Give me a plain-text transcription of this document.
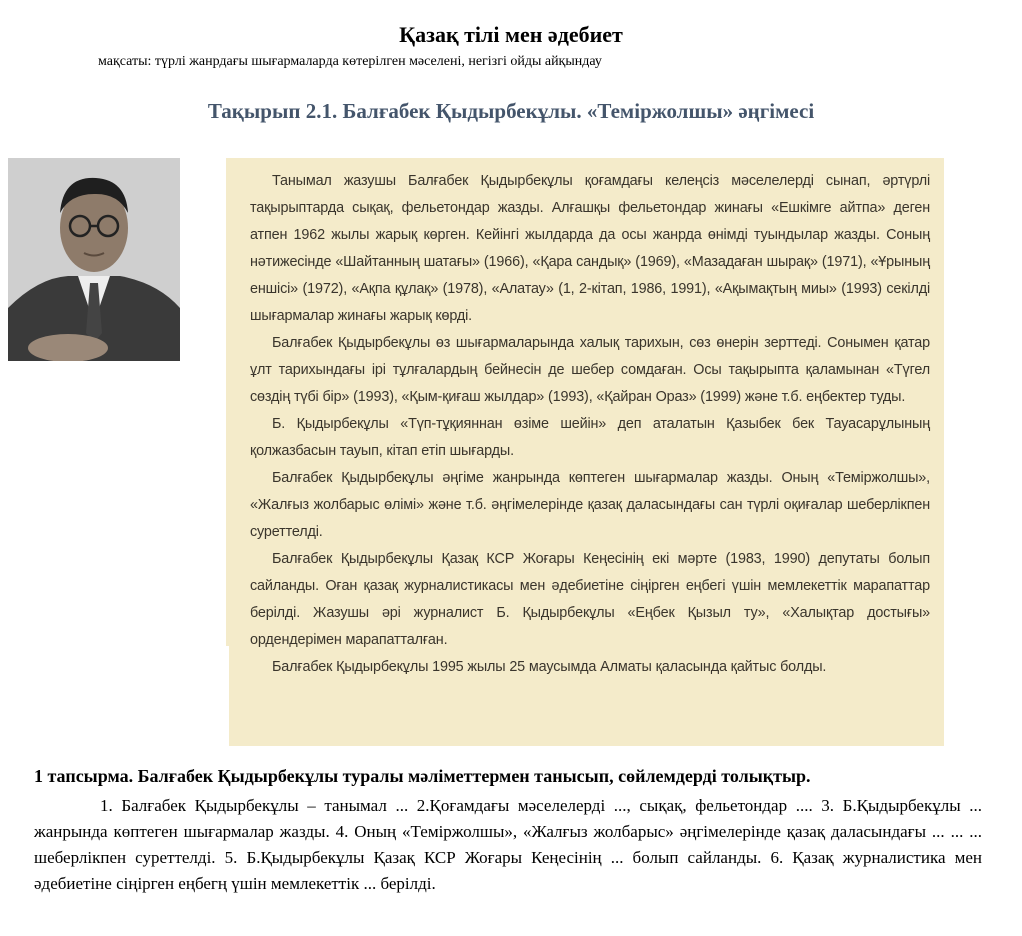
Қазақ тілі мен әдебиет
мақсаты: түрлі жанрдағы шығармаларда көтерілген мәселені, негізгі ойды айқындау
Тақырып 2.1. Балғабек Қыдырбекұлы. «Теміржолшы» әңгімесі

Танымал жазушы Балғабек Қыдырбекұлы қоғамдағы келеңсіз мәселелерді сынап, әртүрлі тақырыптарда сықақ, фельетондар жазды. Алғашқы фельетондар жинағы «Ешкімге айтпа» деген атпен 1962 жылы жарық көрген. Кейінгі жылдарда да осы жанрда өнімді туындылар жазды. Соның нәтижесінде «Шайтанның шатағы» (1966), «Қара сандық» (1969), «Мазадаған шырақ» (1971), «Ұрының еншісі» (1972), «Ақпа құлақ» (1978), «Алатау» (1, 2-кітап, 1986, 1991), «Ақымақтың миы» (1993) секілді шығармалар жинағы жарық көрді.

Балғабек Қыдырбекұлы өз шығармаларында халық тарихын, сөз өнерін зерттеді. Сонымен қатар ұлт тарихындағы ірі тұлғалардың бейнесін де шебер сомдаған. Осы тақырыпта қаламынан «Түгел сөздің түбі бір» (1993), «Қым-қиғаш жылдар» (1993), «Қайран Ораз» (1999) және т.б. еңбектер туды.

Б. Қыдырбекұлы «Түп-тұқияннан өзіме шейін» деп аталатын Қазыбек бек Тауасарұлының қолжазбасын тауып, кітап етіп шығарды.

Балғабек Қыдырбекұлы әңгіме жанрында көптеген шығармалар жазды. Оның «Теміржолшы», «Жалғыз жолбарыс өлімі» және т.б. әңгімелерінде қазақ даласындағы сан түрлі оқиғалар шеберлікпен суреттелді.

Балғабек Қыдырбекұлы Қазақ КСР Жоғары Кеңесінің екі мәрте (1983, 1990) депутаты болып сайланды. Оған қазақ журналистикасы мен әдебиетіне сіңірген еңбегі үшін мемлекеттік марапаттар берілді. Жазушы әрі журналист Б. Қыдырбекұлы «Еңбек Қызыл ту», «Халықтар достығы» ордендерімен марапатталған.

Балғабек Қыдырбекұлы 1995 жылы 25 маусымда Алматы қаласында қайтыс болды.

1 тапсырма. Балғабек Қыдырбекұлы туралы мәліметтермен танысып, сөйлемдерді толықтыр.
1. Балғабек Қыдырбекұлы – танымал ... 2.Қоғамдағы мәселелерді ..., сықақ, фельетондар .... 3. Б.Қыдырбекұлы ... жанрында көптеген шығармалар жазды. 4. Оның «Теміржолшы», «Жалғыз жолбарыс» әңгімелерінде қазақ даласындағы ... ... ... шеберлікпен суреттелді. 5. Б.Қыдырбекұлы Қазақ КСР Жоғары Кеңесінің ... болып сайланды. 6. Қазақ журналистика мен әдебиетіне сіңірген еңбегң үшін мемлекеттік ... берілді.
